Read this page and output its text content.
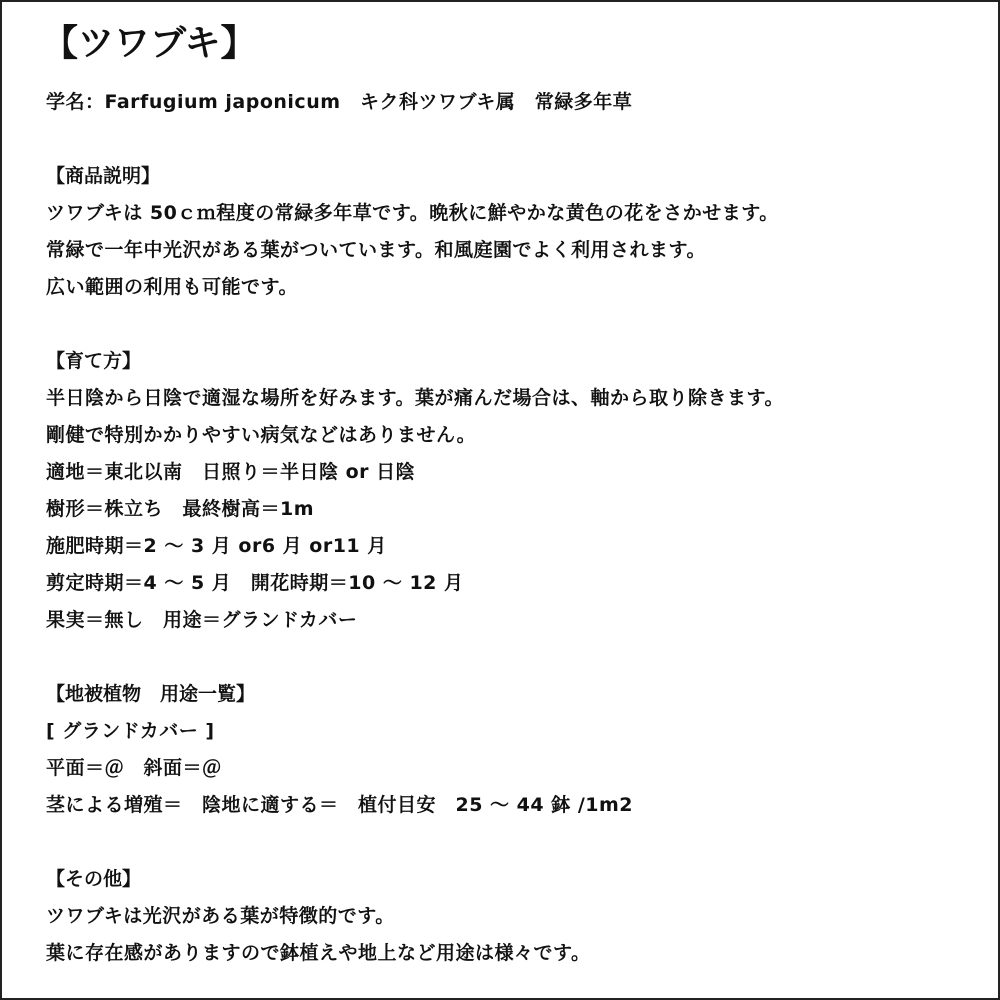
【ツワブキ】

学名：Farfugium japonicum　キク科ツワブキ属　常緑多年草

【商品説明】

ツワブキは 50ｃｍ程度の常緑多年草です。晩秋に鮮やかな黄色の花をさかせます。

常緑で一年中光沢がある葉がついています。和風庭園でよく利用されます。

広い範囲の利用も可能です。

【育て方】

半日陰から日陰で適湿な場所を好みます。葉が痛んだ場合は、軸から取り除きます。

剛健で特別かかりやすい病気などはありません。

適地＝東北以南　日照り＝半日陰 or 日陰

樹形＝株立ち　最終樹高＝1m

施肥時期＝2 ～ 3 月 or6 月 or11 月

剪定時期＝4 ～ 5 月　開花時期＝10 ～ 12 月

果実＝無し　用途＝グランドカバー

【地被植物　用途一覧】

[ グランドカバー ]

平面＝＠　斜面＝＠

茎による増殖＝　陰地に適する＝　植付目安　25 ～ 44 鉢 /1m2

【その他】

ツワブキは光沢がある葉が特徴的です。

葉に存在感がありますので鉢植えや地上など用途は様々です。
